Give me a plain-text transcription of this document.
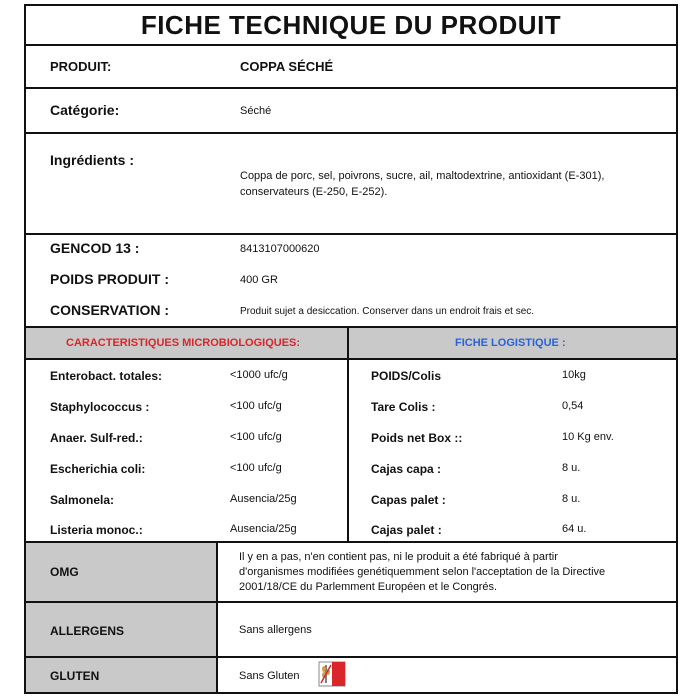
FICHE TECHNIQUE DU PRODUIT
PRODUIT:	COPPA SÉCHÉ
Catégorie:	Séché
Ingrédients :
Coppa de porc, sel, poivrons, sucre, ail, maltodextrine, antioxidant (E-301),
conservateurs (E-250, E-252).
GENCOD 13 :	8413107000620
POIDS PRODUIT :	400 GR
CONSERVATION :	Produit sujet a desiccation. Conserver dans un endroit frais et sec.
CARACTERISTIQUES MICROBIOLOGIQUES:	FICHE LOGISTIQUE :
Enterobact. totales:	<1000 ufc/g
Staphylococcus :	<100 ufc/g
Anaer. Sulf-red.:	<100 ufc/g
Escherichia coli:	<100 ufc/g
Salmonela:	Ausencia/25g
Listeria monoc.:	Ausencia/25g
POIDS/Colis	10kg
Tare Colis :	0,54
Poids net Box ::	10 Kg env.
Cajas capa :	8 u.
Capas palet :	8 u.
Cajas palet :	64 u.
OMG
Il y en a pas, n'en contient pas, ni le produit a été fabriqué à partir
d'organismes modifiées genétiquemment selon l'acceptation de la Directive
2001/18/CE du Parlemment Européen et le Congrés.
ALLERGENS	Sans allergens
GLUTEN	Sans Gluten
